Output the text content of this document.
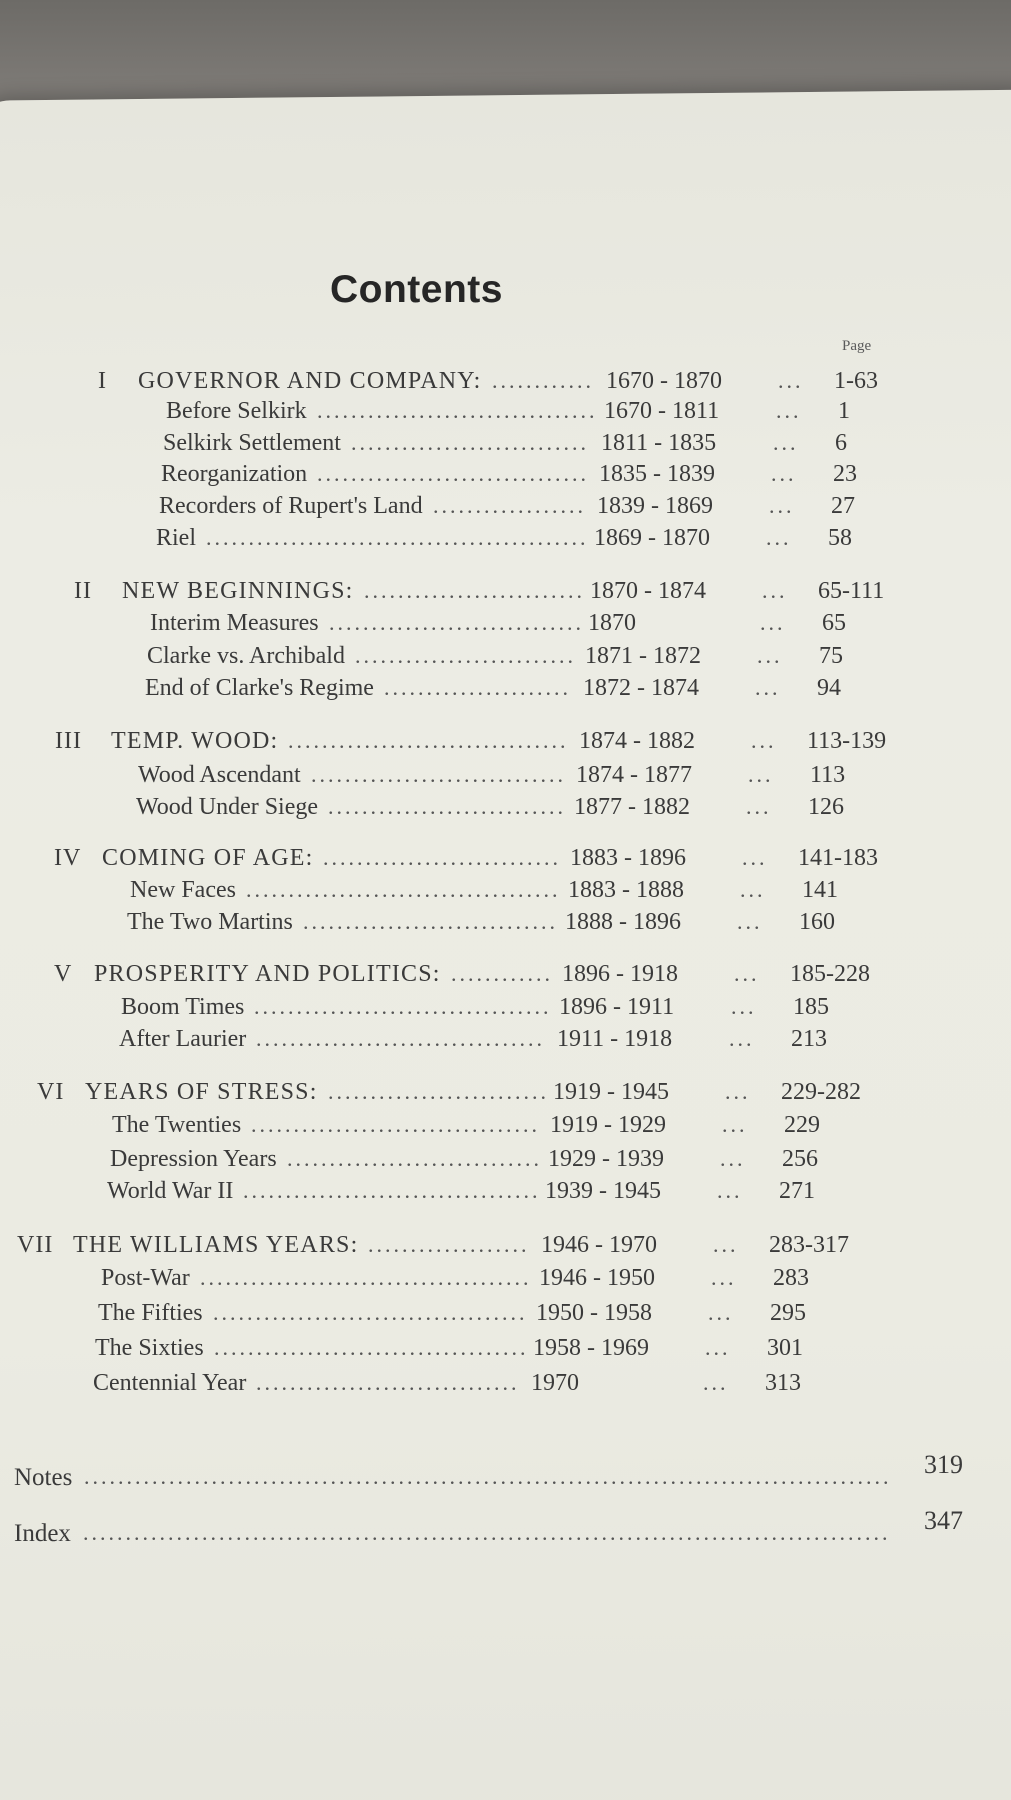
Contents
Page
I GOVERNOR AND COMPANY:	1670 - 1870	... 1-63
............
Before Selkirk	1670 - 1811	... 1
.................................
Selkirk Settlement	1811 - 1835	... 6
............................
Reorganization	1835 - 1839	... 23
................................
Recorders of Rupert's Land	1839 - 1869	... 27
..................
Riel	1869 - 1870	... 58
.............................................
II NEW BEGINNINGS:	1870 - 1874	... 65-111
..........................
Interim Measures	1870	... 65
..............................
Clarke vs. Archibald	1871 - 1872	... 75
..........................
End of Clarke's Regime	1872 - 1874	... 94
......................
III TEMP. WOOD:	1874 - 1882	... 113-139
.................................
Wood Ascendant	1874 - 1877	... 113
..............................
Wood Under Siege	1877 - 1882	... 126
............................
IV COMING OF AGE:	1883 - 1896	... 141-183
............................
New Faces	1883 - 1888	... 141
.....................................
The Two Martins	1888 - 1896	... 160
..............................
V PROSPERITY AND POLITICS:	1896 - 1918	... 185-228
............
Boom Times	1896 - 1911	... 185
...................................
After Laurier	1911 - 1918	... 213
..................................
VI YEARS OF STRESS:	1919 - 1945	... 229-282
..........................
The Twenties	1919 - 1929	... 229
..................................
Depression Years	1929 - 1939	... 256
..............................
World War II	1939 - 1945	... 271
...................................
VII THE WILLIAMS YEARS:	1946 - 1970	... 283-317
...................
Post-War	1946 - 1950	... 283
.......................................
The Fifties	1950 - 1958	... 295
.....................................
The Sixties	1958 - 1969	... 301
.....................................
Centennial Year	1970	... 313
...............................
Notes	319
...............................................................................................
Index	347
...............................................................................................
